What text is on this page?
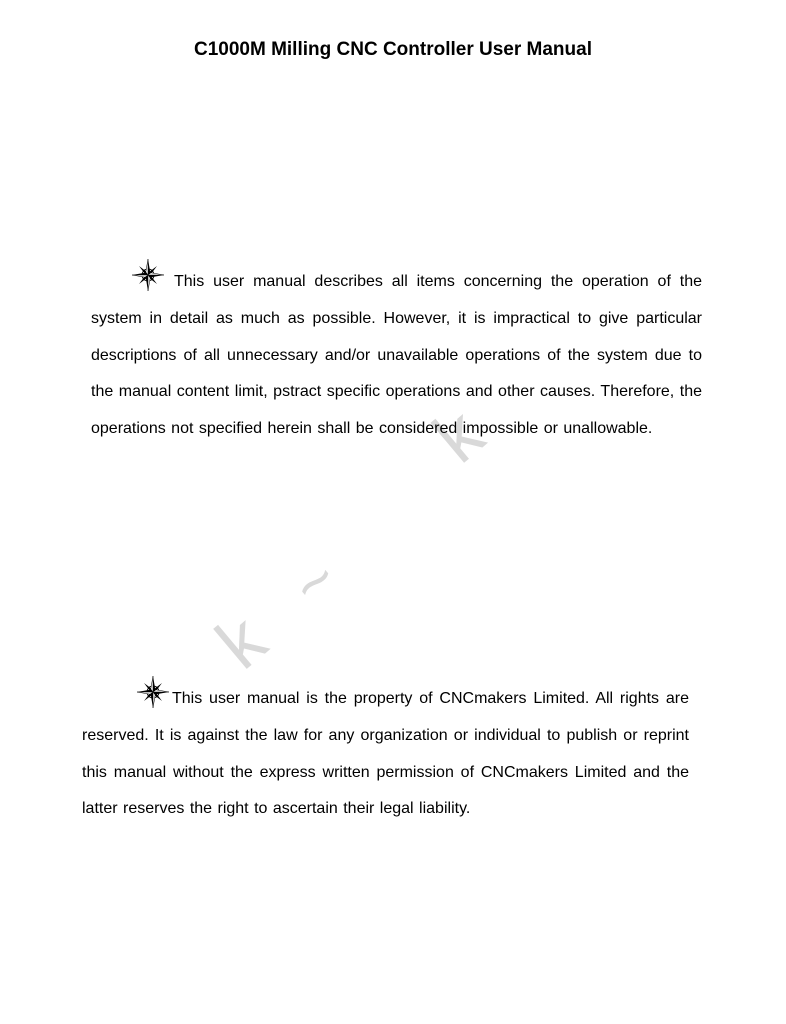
C1000M Milling CNC Controller User Manual
k
~
k

This user manual describes all items concerning the operation of the system in detail as much as possible. However, it is impractical to give particular descriptions of all unnecessary and/or unavailable operations of the system due to the manual content limit, pstract specific operations and other causes. Therefore, the operations not specified herein shall be considered impossible or unallowable.

This user manual is the property of CNCmakers Limited. All rights are reserved. It is against the law for any organization or individual to publish or reprint this manual without the express written permission of CNCmakers Limited and the latter reserves the right to ascertain their legal liability.
